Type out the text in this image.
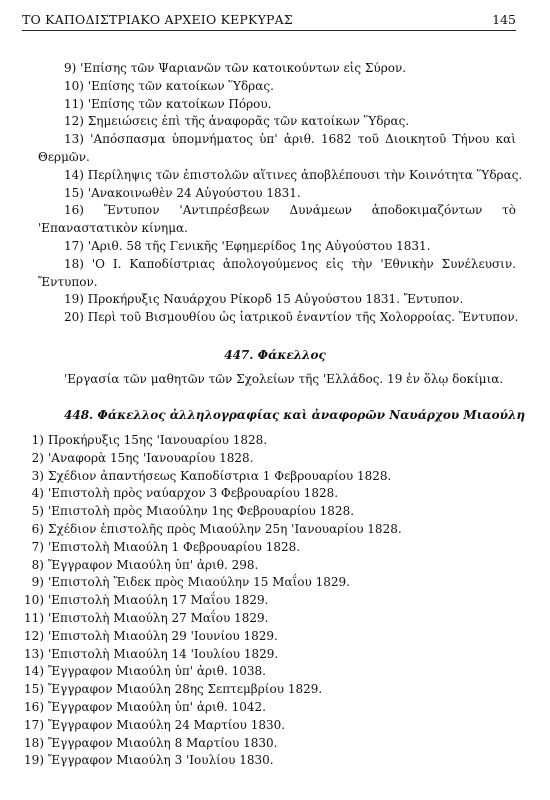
ΤΟ ΚΑΠΟΔΙΣΤΡΙΑΚΟ ΑΡΧΕΙΟ ΚΕΡΚΥΡΑΣ	145
9) 'Επίσης τῶν Ψαριανῶν τῶν κατοικούντων εἰς Σύρον.
10) 'Επίσης τῶν κατοίκων Ὕδρας.
11) 'Επίσης τῶν κατοίκων Πόρου.
12) Σημειώσεις ἐπὶ τῆς ἀναφορᾶς τῶν κατοίκων Ὕδρας.
13) 'Απόσπασμα ὑπομνήματος ὑπ' ἀριθ. 1682 τοῦ Διοικητοῦ Τήνου καὶ Θερμῶν.
14) Περίληψις τῶν ἐπιστολῶν αἵτινες ἀποβλέπουσι τὴν Κοινότητα Ὕδρας.
15) 'Ανακοινωθὲν 24 Αὐγούστου 1831.
16) Ἔντυπον 'Αντιπρέσβεων Δυνάμεων ἀποδοκιμαζόντων τὸ 'Επαναστατικὸν κίνημα.
17) 'Αριθ. 58 τῆς Γενικῆς 'Εφημερίδος 1ης Αὐγούστου 1831.
18) 'Ο Ι. Καποδίστριας ἀπολογούμενος εἰς τὴν 'Εθνικὴν Συνέλευσιν. Ἔντυπον.
19) Προκήρυξις Ναυάρχου Ρίκορδ 15 Αὐγούστου 1831. Ἔντυπον.
20) Περὶ τοῦ Βισμουθίου ὡς ἰατρικοῦ ἐναντίον τῆς Χολορροίας. Ἔντυπον.
447. Φάκελλος
'Εργασία τῶν μαθητῶν τῶν Σχολείων τῆς 'Ελλάδος. 19 ἐν ὅλῳ δοκίμια.
448. Φάκελλος ἀλληλογραφίας καὶ ἀναφορῶν Ναυάρχου Μιαούλη
1) Προκήρυξις 15ης 'Ιανουαρίου 1828.
2) 'Αναφορὰ 15ης 'Ιανουαρίου 1828.
3) Σχέδιον ἀπαντήσεως Καποδίστρια 1 Φεβρουαρίου 1828.
4) 'Επιστολὴ πρὸς ναύαρχον 3 Φεβρουαρίου 1828.
5) 'Επιστολὴ πρὸς Μιαούλην 1ης Φεβρουαρίου 1828.
6) Σχέδιον ἐπιστολῆς πρὸς Μιαούλην 25η 'Ιανουαρίου 1828.
7) 'Επιστολὴ Μιαούλη 1 Φεβρουαρίου 1828.
8) Ἔγγραφον Μιαούλη ὑπ' ἀριθ. 298.
9) 'Επιστολὴ Ἔιδεκ πρὸς Μιαούλην 15 Μαΐου 1829.
10) 'Επιστολὴ Μιαούλη 17 Μαΐου 1829.
11) 'Επιστολὴ Μιαούλη 27 Μαΐου 1829.
12) 'Επιστολὴ Μιαούλη 29 'Ιουνίου 1829.
13) 'Επιστολὴ Μιαούλη 14 'Ιουλίου 1829.
14) Ἔγγραφον Μιαούλη ὑπ' ἀριθ. 1038.
15) Ἔγγραφον Μιαούλη 28ης Σεπτεμβρίου 1829.
16) Ἔγγραφον Μιαούλη ὑπ' ἀριθ. 1042.
17) Ἔγγραφον Μιαούλη 24 Μαρτίου 1830.
18) Ἔγγραφον Μιαούλη 8 Μαρτίου 1830.
19) Ἔγγραφον Μιαούλη 3 'Ιουλίου 1830.
